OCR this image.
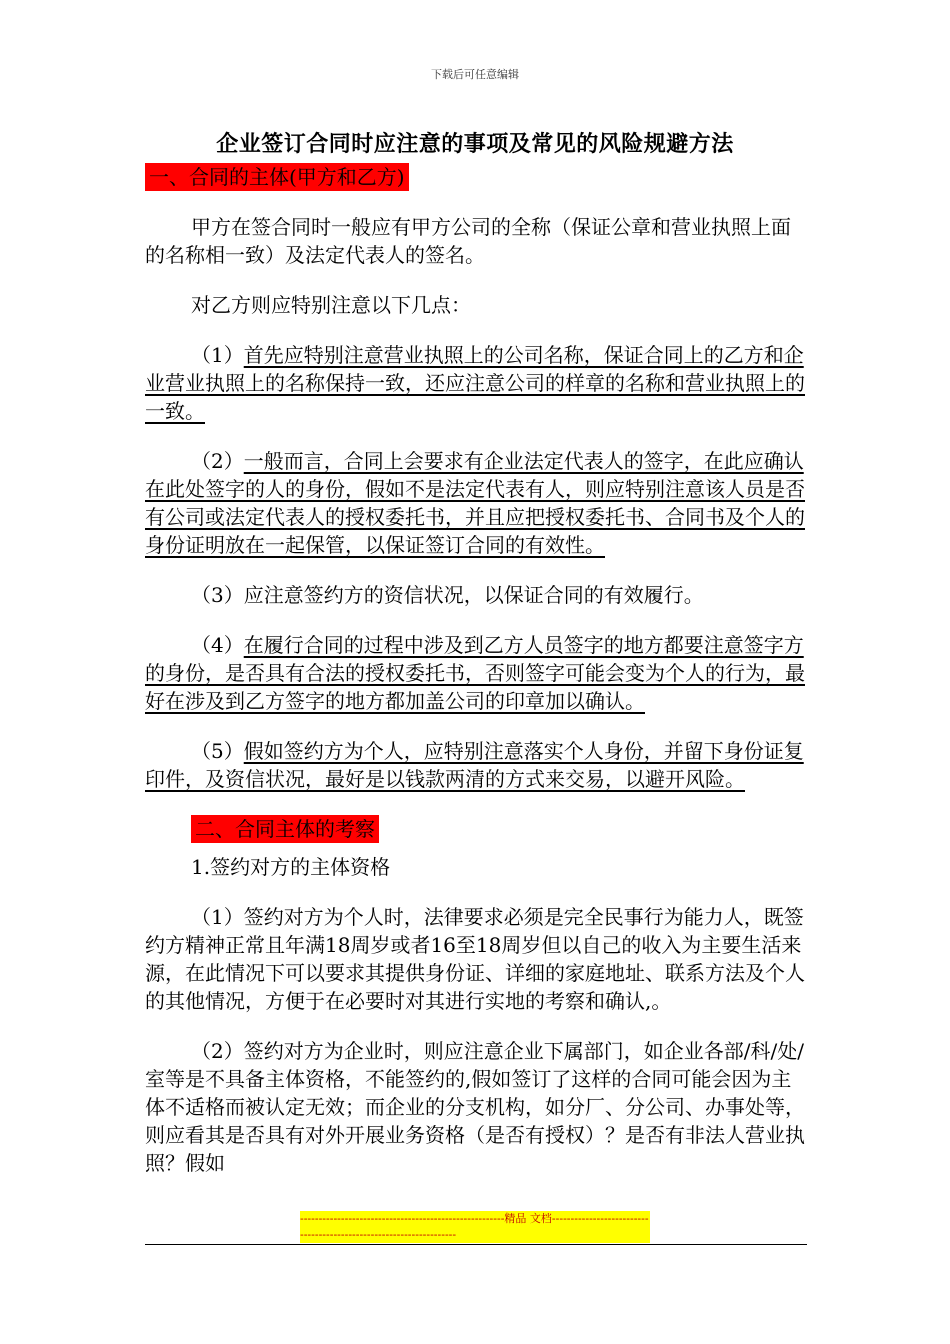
下载后可任意编辑
企业签订合同时应注意的事项及常见的风险规避方法
一、合同的主体(甲方和乙方)

甲方在签合同时一般应有甲方公司的全称（保证公章和营业执照上面的名称相一致）及法定代表人的签名。

对乙方则应特别注意以下几点：

（1）首先应特别注意营业执照上的公司名称，保证合同上的乙方和企业营业执照上的名称保持一致，还应注意公司的样章的名称和营业执照上的一致。

（2）一般而言，合同上会要求有企业法定代表人的签字，在此应确认在此处签字的人的身份，假如不是法定代表有人，则应特别注意该人员是否有公司或法定代表人的授权委托书，并且应把授权委托书、合同书及个人的身份证明放在一起保管，以保证签订合同的有效性。

（3）应注意签约方的资信状况，以保证合同的有效履行。

（4）在履行合同的过程中涉及到乙方人员签字的地方都要注意签字方的身份，是否具有合法的授权委托书，否则签字可能会变为个人的行为，最好在涉及到乙方签字的地方都加盖公司的印章加以确认。

（5）假如签约方为个人，应特别注意落实个人身份，并留下身份证复印件，及资信状况，最好是以钱款两清的方式来交易，以避开风险。

二、合同主体的考察

1.签约对方的主体资格

（1）签约对方为个人时，法律要求必须是完全民事行为能力人，既签约方精神正常且年满18周岁或者16至18周岁但以自己的收入为主要生活来源，在此情况下可以要求其提供身份证、详细的家庭地址、联系方法及个人的其他情况，方便于在必要时对其进行实地的考察和确认,。

（2）签约对方为企业时，则应注意企业下属部门，如企业各部/科/处/室等是不具备主体资格，不能签约的,假如签订了这样的合同可能会因为主体不适格而被认定无效；而企业的分支机构，如分厂、分公司、办事处等，则应看其是否具有对外开展业务资格（是否有授权）？是否有非法人营业执照？假如

-------------------------------------------------------精品 文档--------------------------------------------------------------------
